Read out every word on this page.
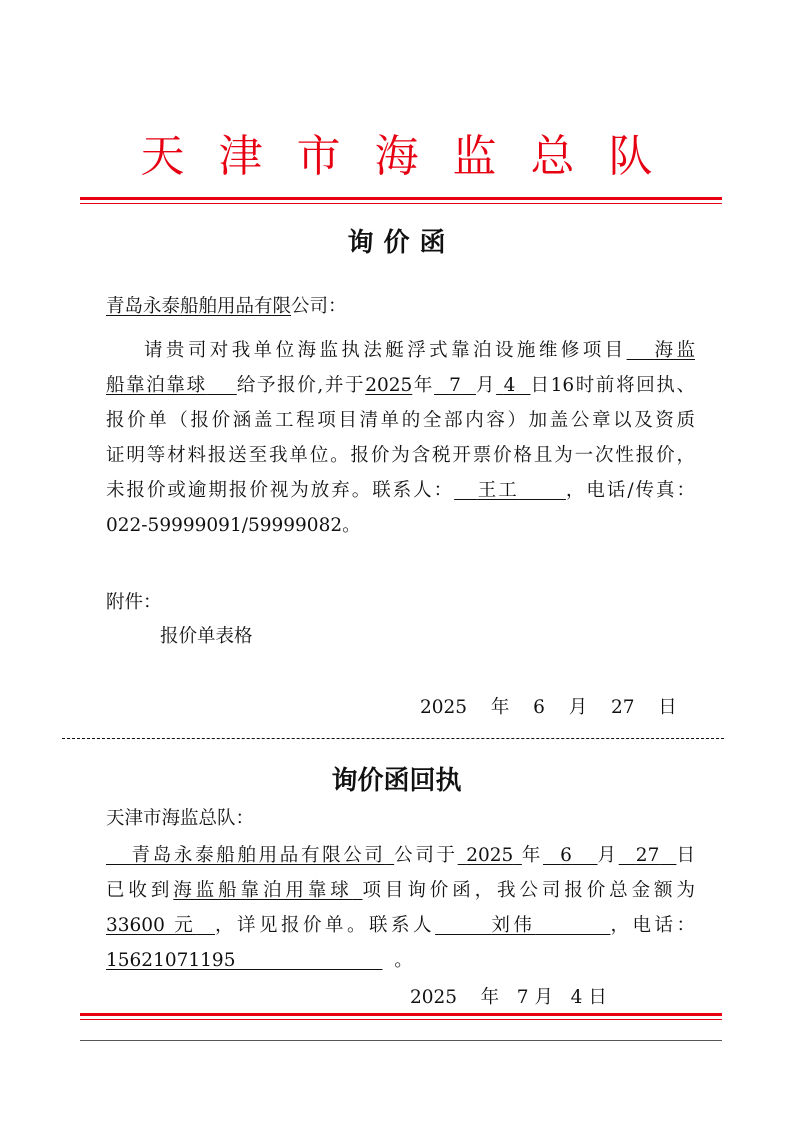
天津市海监总队
询价函
青岛永泰船舶用品有限公司：
请贵司对我单位海监执法艇浮式靠泊设施维修项目 海监
船靠泊靠球 给予报价,并于2025年 7 月 4 日16时前将回执、
报价单（报价涵盖工程项目清单的全部内容）加盖公章以及资质
证明等材料报送至我单位。报价为含税开票价格且为一次性报价，
未报价或逾期报价视为放弃。联系人： 王工	，电话/传真：
022-59999091/59999082。
附件：
报价单表格
2025 年 6 月 27 日
询价函回执
天津市海监总队：
青岛永泰船舶用品有限公司 公司于 2025 年 6 月 27 日
已收到海监船靠泊用靠球 项目询价函，我公司报价总金额为
33600 元 ，详见报价单。联系人	刘伟	，电话：
15621071195	。
2025 年 7 月 4 日
